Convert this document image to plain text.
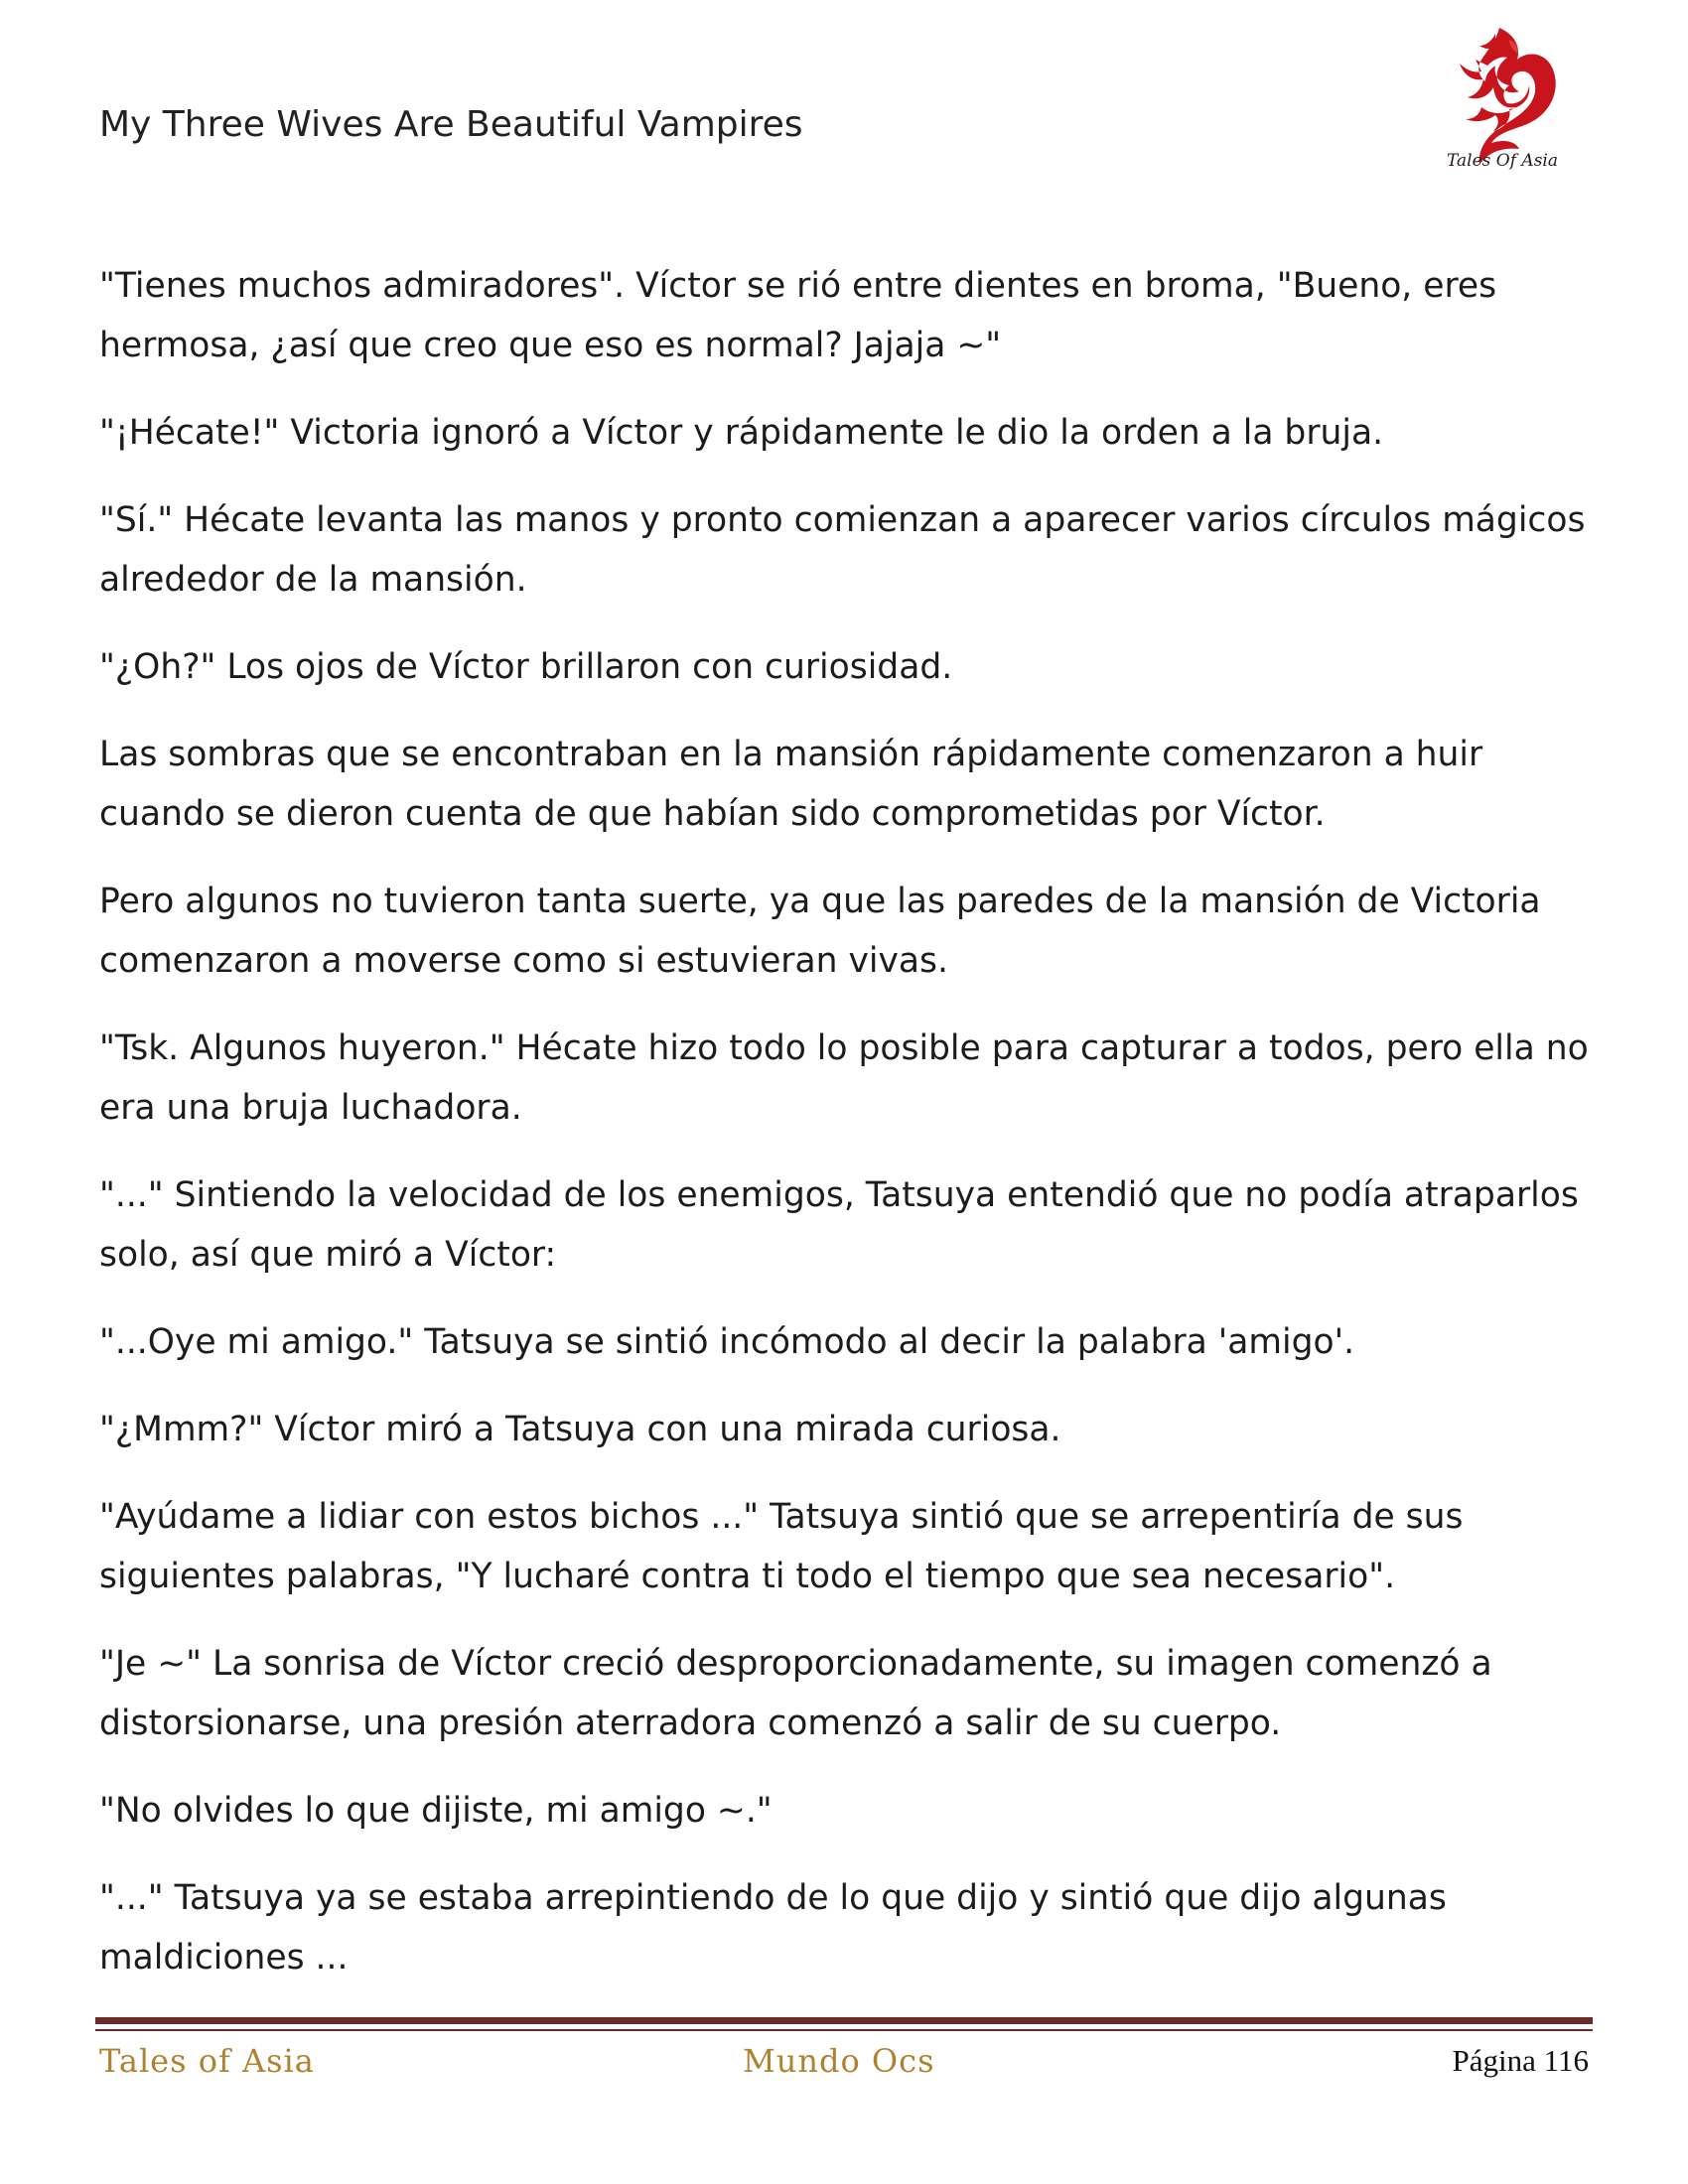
My Three Wives Are Beautiful Vampires
Tales Of Asia

"Tienes muchos admiradores". Víctor se rió entre dientes en broma, "Bueno, eres hermosa, ¿así que creo que eso es normal? Jajaja ~"

"¡Hécate!" Victoria ignoró a Víctor y rápidamente le dio la orden a la bruja.

"Sí." Hécate levanta las manos y pronto comienzan a aparecer varios círculos mágicos alrededor de la mansión.

"¿Oh?" Los ojos de Víctor brillaron con curiosidad.

Las sombras que se encontraban en la mansión rápidamente comenzaron a huir cuando se dieron cuenta de que habían sido comprometidas por Víctor.

Pero algunos no tuvieron tanta suerte, ya que las paredes de la mansión de Victoria comenzaron a moverse como si estuvieran vivas.

"Tsk. Algunos huyeron." Hécate hizo todo lo posible para capturar a todos, pero ella no era una bruja luchadora.

"..." Sintiendo la velocidad de los enemigos, Tatsuya entendió que no podía atraparlos solo, así que miró a Víctor:

"...Oye mi amigo." Tatsuya se sintió incómodo al decir la palabra 'amigo'.

"¿Mmm?" Víctor miró a Tatsuya con una mirada curiosa.

"Ayúdame a lidiar con estos bichos ..." Tatsuya sintió que se arrepentiría de sus siguientes palabras, "Y lucharé contra ti todo el tiempo que sea necesario".

"Je ~" La sonrisa de Víctor creció desproporcionadamente, su imagen comenzó a distorsionarse, una presión aterradora comenzó a salir de su cuerpo.

"No olvides lo que dijiste, mi amigo ~."

"..." Tatsuya ya se estaba arrepintiendo de lo que dijo y sintió que dijo algunas maldiciones ...

Tales of Asia	Mundo Ocs	Página 116
